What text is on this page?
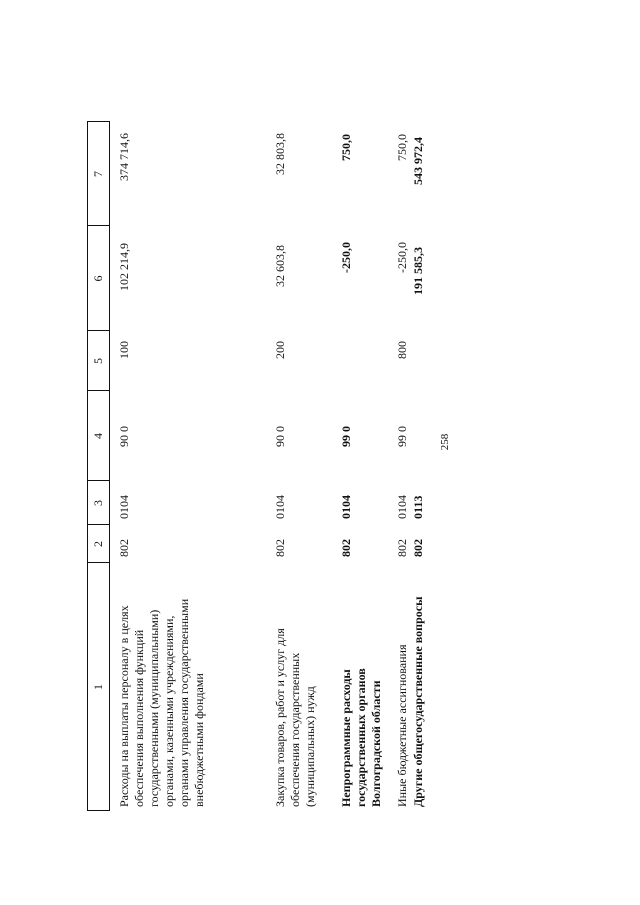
258
1
2
3
4
5
6
7
Расходы на выплаты персоналу в целях обеспечения выполнения функций государственными (муниципальными) органами, казенными учреждениями, органами управления государственными внебюджетными фондами
802
0104
90 0
100
102 214,9
374 714,6
Закупка товаров, работ и услуг для обеспечения государственных (муниципальных) нужд
802
0104
90 0
200
32 603,8
32 803,8
Непрограммные расходы государственных органов Волгоградской области
802
0104
99 0
-250,0
750,0
Иные бюджетные ассигнования
802
0104
99 0
800
-250,0
750,0
Другие общегосударственные вопросы
802
0113
191 585,3
543 972,4
